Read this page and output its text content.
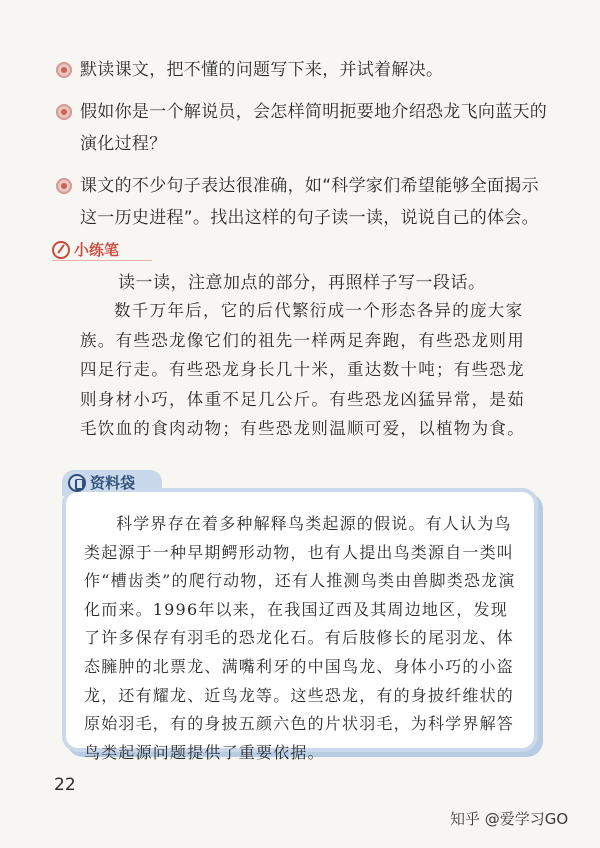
默读课文，把不懂的问题写下来，并试着解决。
假如你是一个解说员，会怎样简明扼要地介绍恐龙飞向蓝天的演化过程？
课文的不少句子表达很准确，如“科学家们希望能够全面揭示这一历史进程”。找出这样的句子读一读，说说自己的体会。
小练笔
读一读，注意加点的部分，再照样子写一段话。
数千万年后，它的后代繁衍成一个形态各异的庞大家族。有些恐龙像它们的祖先一样两足奔跑，有些恐龙则用四足行走。有些恐龙身长几十米，重达数十吨；有些恐龙则身材小巧，体重不足几公斤。有些恐龙凶猛异常，是茹毛饮血的食肉动物；有些恐龙则温顺可爱，以植物为食。
资料袋
科学界存在着多种解释鸟类起源的假说。有人认为鸟类起源于一种早期鳄形动物，也有人提出鸟类源自一类叫作“槽齿类”的爬行动物，还有人推测鸟类由兽脚类恐龙演化而来。1996年以来，在我国辽西及其周边地区，发现了许多保存有羽毛的恐龙化石。有后肢修长的尾羽龙、体态臃肿的北票龙、满嘴利牙的中国鸟龙、身体小巧的小盗龙，还有耀龙、近鸟龙等。这些恐龙，有的身披纤维状的原始羽毛，有的身披五颜六色的片状羽毛，为科学界解答鸟类起源问题提供了重要依据。
22
知乎 @爱学习GO
